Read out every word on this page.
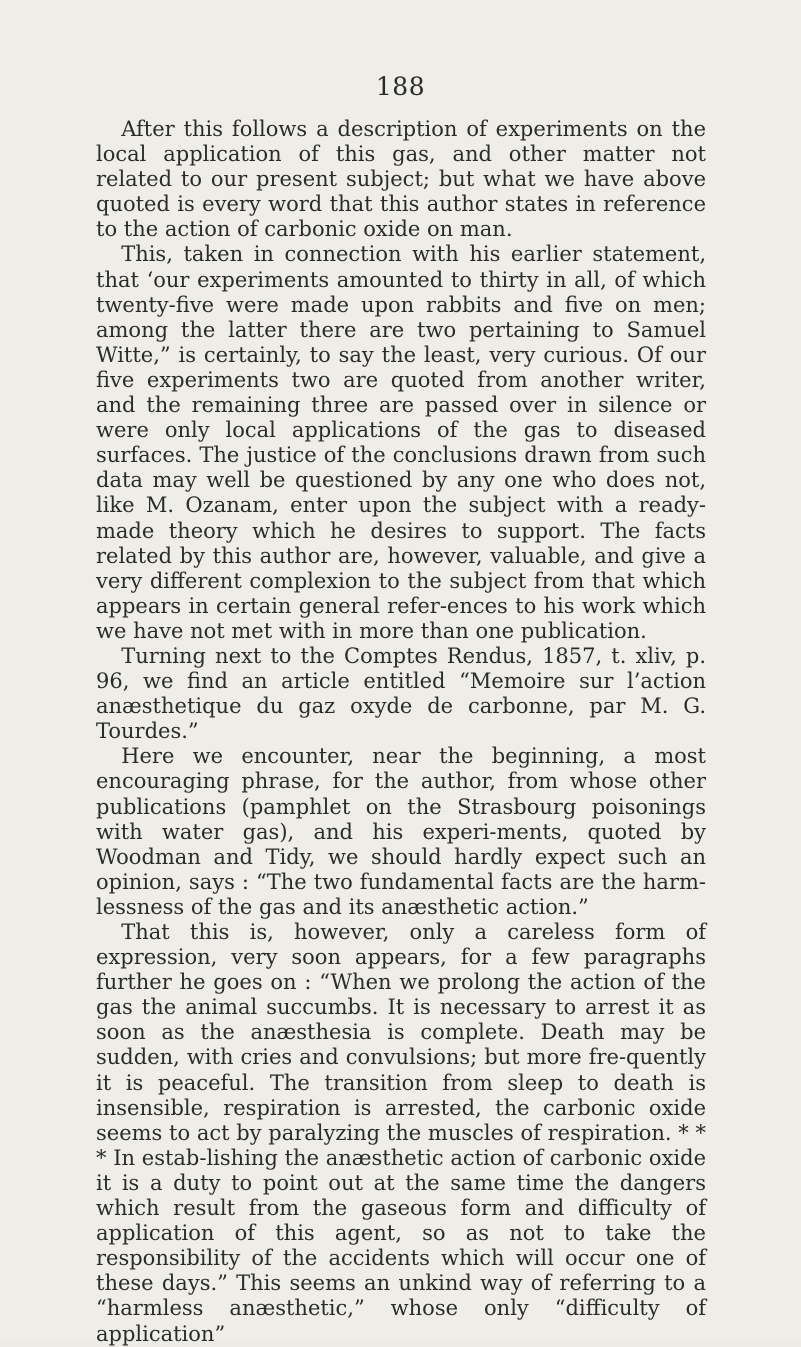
188

After this follows a description of experiments on the local application of this gas, and other matter not related to our present subject; but what we have above quoted is every word that this author states in reference to the action of carbonic oxide on man.

This, taken in connection with his earlier statement, that ‘our experiments amounted to thirty in all, of which twenty-five were made upon rabbits and five on men; among the latter there are two pertaining to Samuel Witte,” is certainly, to say the least, very curious. Of our five experiments two are quoted from another writer, and the remaining three are passed over in silence or were only local applications of the gas to diseased surfaces. The justice of the conclusions drawn from such data may well be questioned by any one who does not, like M. Ozanam, enter upon the subject with a ready-made theory which he desires to support. The facts related by this author are, however, valuable, and give a very different complexion to the subject from that which appears in certain general refer-ences to his work which we have not met with in more than one publication.

Turning next to the Comptes Rendus, 1857, t. xliv, p. 96, we find an article entitled “Memoire sur l’action anæsthetique du gaz oxyde de carbonne, par M. G. Tourdes.”

Here we encounter, near the beginning, a most encouraging phrase, for the author, from whose other publications (pamphlet on the Strasbourg poisonings with water gas), and his experi-ments, quoted by Woodman and Tidy, we should hardly expect such an opinion, says : “The two fundamental facts are the harm-lessness of the gas and its anæsthetic action.”

That this is, however, only a careless form of expression, very soon appears, for a few paragraphs further he goes on : “When we prolong the action of the gas the animal succumbs. It is necessary to arrest it as soon as the anæsthesia is complete. Death may be sudden, with cries and convulsions; but more fre-quently it is peaceful. The transition from sleep to death is insensible, respiration is arrested, the carbonic oxide seems to act by paralyzing the muscles of respiration. * * * In estab-lishing the anæsthetic action of carbonic oxide it is a duty to point out at the same time the dangers which result from the gaseous form and difficulty of application of this agent, so as not to take the responsibility of the accidents which will occur one of these days.” This seems an unkind way of referring to a “harmless anæsthetic,” whose only “difficulty of application”
